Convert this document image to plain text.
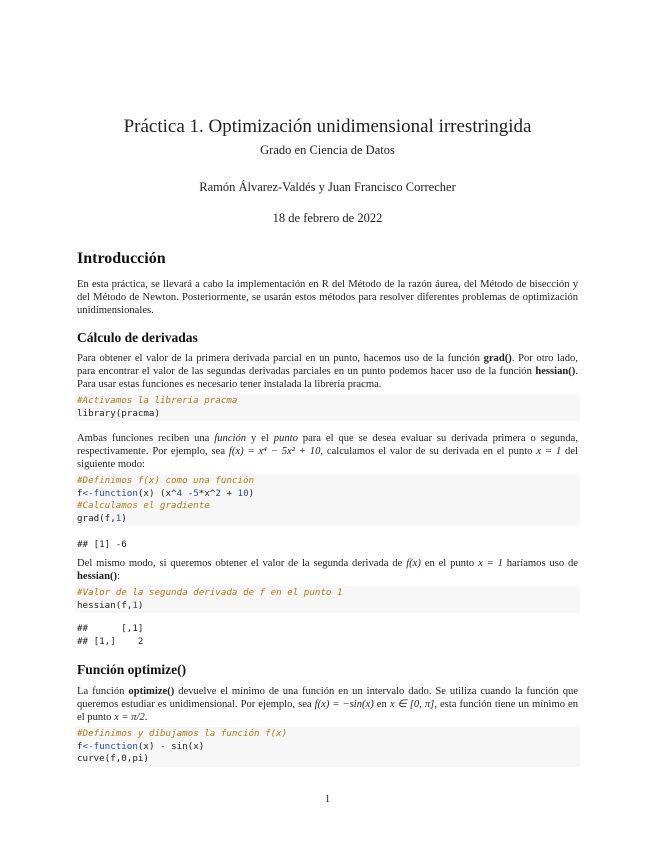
Práctica 1. Optimización unidimensional irrestringida
Grado en Ciencia de Datos
Ramón Álvarez-Valdés y Juan Francisco Correcher
18 de febrero de 2022
Introducción
En esta práctica, se llevará a cabo la implementación en R del Método de la razón áurea, del Método de bisección y del Método de Newton. Posteriormente, se usarán estos métodos para resolver diferentes problemas de optimización unidimensionales.
Cálculo de derivadas
Para obtener el valor de la primera derivada parcial en un punto, hacemos uso de la función grad(). Por otro lado, para encontrar el valor de las segundas derivadas parciales en un punto podemos hacer uso de la función hessian(). Para usar estas funciones es necesario tener instalada la librería pracma.
#Activamos la librería pracma
library(pracma)
Ambas funciones reciben una función y el punto para el que se desea evaluar su derivada primera o segunda, respectivamente. Por ejemplo, sea f(x) = x⁴ − 5x² + 10, calculamos el valor de su derivada en el punto x = 1 del siguiente modo:
#Definimos f(x) como una función
f<-function(x) (x^4 -5*x^2 + 10)
#Calculamos el gradiente
grad(f,1)
## [1] -6
Del mismo modo, si queremos obtener el valor de la segunda derivada de f(x) en el punto x = 1 haríamos uso de hessian():
#Valor de la segunda derivada de f en el punto 1
hessian(f,1)
##      [,1]
## [1,]    2
Función optimize()
La función optimize() devuelve el mínimo de una función en un intervalo dado. Se utiliza cuando la función que queremos estudiar es unidimensional. Por ejemplo, sea f(x) = −sin(x) en x ∈ [0, π], esta función tiene un mínimo en el punto x = π/2.
#Definimos y dibujamos la función f(x)
f<-function(x) - sin(x)
curve(f,0,pi)
1
